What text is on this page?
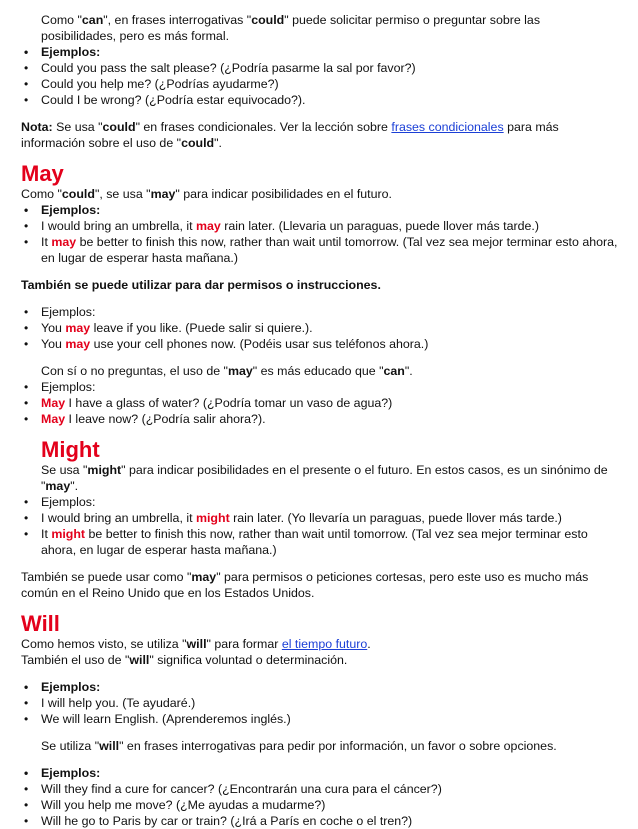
Como "can", en frases interrogativas "could" puede solicitar permiso o preguntar sobre las posibilidades, pero es más formal.
• Ejemplos:
• Could you pass the salt please? (¿Podría pasarme la sal por favor?)
• Could you help me? (¿Podrías ayudarme?)
• Could I be wrong? (¿Podría estar equivocado?).
Nota: Se usa "could" en frases condicionales. Ver la lección sobre frases condicionales para más información sobre el uso de "could".
May
Como "could", se usa "may" para indicar posibilidades en el futuro.
• Ejemplos:
• I would bring an umbrella, it may rain later. (Llevaria un paraguas, puede llover más tarde.)
• It may be better to finish this now, rather than wait until tomorrow. (Tal vez sea mejor terminar esto ahora, en lugar de esperar hasta mañana.)
También se puede utilizar para dar permisos o instrucciones.
• Ejemplos:
• You may leave if you like. (Puede salir si quiere.).
• You may use your cell phones now. (Podéis usar sus teléfonos ahora.)
Con sí o no preguntas, el uso de "may" es más educado que "can".
• Ejemplos:
• May I have a glass of water? (¿Podría tomar un vaso de agua?)
• May I leave now? (¿Podría salir ahora?).
Might
Se usa "might" para indicar posibilidades en el presente o el futuro. En estos casos, es un sinónimo de "may".
• Ejemplos:
• I would bring an umbrella, it might rain later. (Yo llevaría un paraguas, puede llover más tarde.)
• It might be better to finish this now, rather than wait until tomorrow. (Tal vez sea mejor terminar esto ahora, en lugar de esperar hasta mañana.)
También se puede usar como "may" para permisos o peticiones cortesas, pero este uso es mucho más común en el Reino Unido que en los Estados Unidos.
Will
Como hemos visto, se utiliza "will" para formar el tiempo futuro.
También el uso de "will" significa voluntad o determinación.
• Ejemplos:
• I will help you. (Te ayudaré.)
• We will learn English. (Aprenderemos inglés.)
Se utiliza "will" en frases interrogativas para pedir por información, un favor o sobre opciones.
• Ejemplos:
• Will they find a cure for cancer? (¿Encontrarán una cura para el cáncer?)
• Will you help me move? (¿Me ayudas a mudarme?)
• Will he go to Paris by car or train? (¿Irá a París en coche o el tren?)
